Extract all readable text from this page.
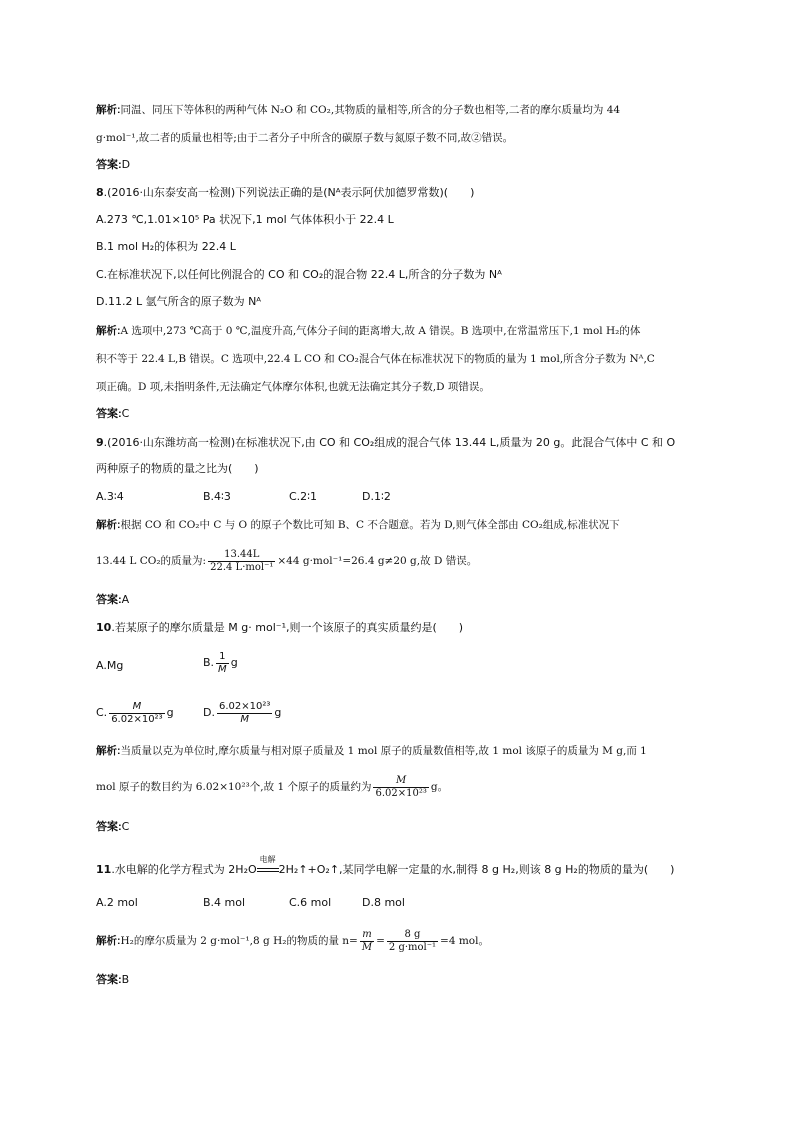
解析:同温、同压下等体积的两种气体 N₂O 和 CO₂,其物质的量相等,所含的分子数也相等,二者的摩尔质量均为 44
g·mol⁻¹,故二者的质量也相等;由于二者分子中所含的碳原子数与氮原子数不同,故②错误。
答案:D
8.(2016·山东泰安高一检测)下列说法正确的是(Nᴬ表示阿伏加德罗常数)(　　)
A.273 ℃,1.01×10⁵ Pa 状况下,1 mol 气体体积小于 22.4 L
B.1 mol H₂的体积为 22.4 L
C.在标准状况下,以任何比例混合的 CO 和 CO₂的混合物 22.4 L,所含的分子数为 Nᴬ
D.11.2 L 氩气所含的原子数为 Nᴬ
解析:A 选项中,273 ℃高于 0 ℃,温度升高,气体分子间的距离增大,故 A 错误。B 选项中,在常温常压下,1 mol H₂的体
积不等于 22.4 L,B 错误。C 选项中,22.4 L CO 和 CO₂混合气体在标准状况下的物质的量为 1 mol,所含分子数为 Nᴬ,C
项正确。D 项,未指明条件,无法确定气体摩尔体积,也就无法确定其分子数,D 项错误。
答案:C
9.(2016·山东潍坊高一检测)在标准状况下,由 CO 和 CO₂组成的混合气体 13.44 L,质量为 20 g。此混合气体中 C 和 O
两种原子的物质的量之比为(　　)
A.3∶4	B.4∶3	C.2∶1	D.1∶2
解析:根据 CO 和 CO₂中 C 与 O 的原子个数比可知 B、C 不合题意。若为 D,则气体全部由 CO₂组成,标准状况下
13.44 L CO₂的质量为: $\frac{13.44L}{\text{22.4 L·mol⁻¹}} \times 44$ g·mol⁻¹=26.4 g≠20 g,故 D 错误。
答案:A
10.若某原子的摩尔质量是 M g· mol⁻¹,则一个该原子的真实质量约是(　　)
A.Mg	B. $\frac{1}{M}$ g
C. $\frac{M}{\text{6.02×10²³}}$ g	D. $\frac{\text{6.02×10²³}}{M}$ g
解析:当质量以克为单位时,摩尔质量与相对原子质量及 1 mol 原子的质量数值相等,故 1 mol 该原子的质量为 M g,而 1
mol 原子的数目约为 6.02×10²³个,故 1 个原子的质量约为 $\frac{M}{\text{6.02×10²³}}$ g。
答案:C
11.水电解的化学方程式为 2H₂O
电解
2H₂↑+O₂↑,某同学电解一定量的水,制得 8 g H₂,则该 8 g H₂的物质的量为(　　)
A.2 mol	B.4 mol	C.6 mol	D.8 mol
解析:H₂的摩尔质量为 2 g·mol⁻¹,8 g H₂的物质的量 $n= \frac{m}{M} = \frac{8 g}{\text{2 g·mol⁻¹}} =4$ mol。
答案:B
